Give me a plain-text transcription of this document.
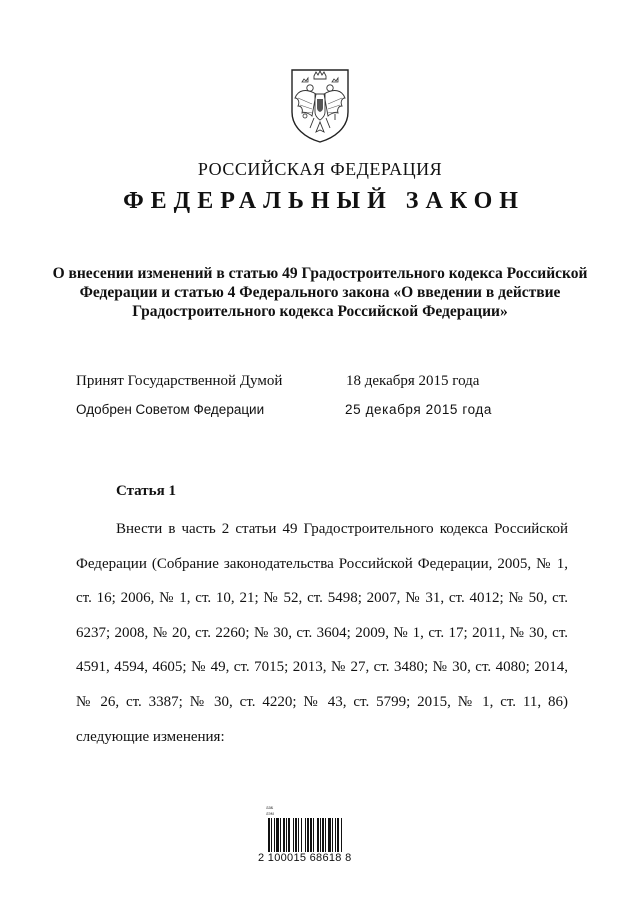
РОССИЙСКАЯ ФЕДЕРАЦИЯ
ФЕДЕРАЛЬНЫЙ ЗАКОН
О внесении изменений в статью 49 Градостроительного кодекса Российской Федерации и статью 4 Федерального закона «О введении в действие Градостроительного кодекса Российской Федерации»
Принят Государственной Думой	18 декабря 2015 года
Одобрен Советом Федерации	25 декабря 2015 года
Статья 1

Внести в часть 2 статьи 49 Градостроительного кодекса Российской Федерации (Собрание законодательства Российской Федерации, 2005, № 1, ст. 16; 2006, № 1, ст. 10, 21; № 52, ст. 5498; 2007, № 31, ст. 4012; № 50, ст. 6237; 2008, № 20, ст. 2260; № 30, ст. 3604; 2009, № 1, ст. 17; 2011, № 30, ст. 4591, 4594, 4605; № 49, ст. 7015; 2013, № 27, ст. 3480; № 30, ст. 4080; 2014, № 26, ст. 3387; № 30, ст. 4220; № 43, ст. 5799; 2015, № 1, ст. 11, 86) следующие изменения:

лак
лэм
2 100015 68618 8
